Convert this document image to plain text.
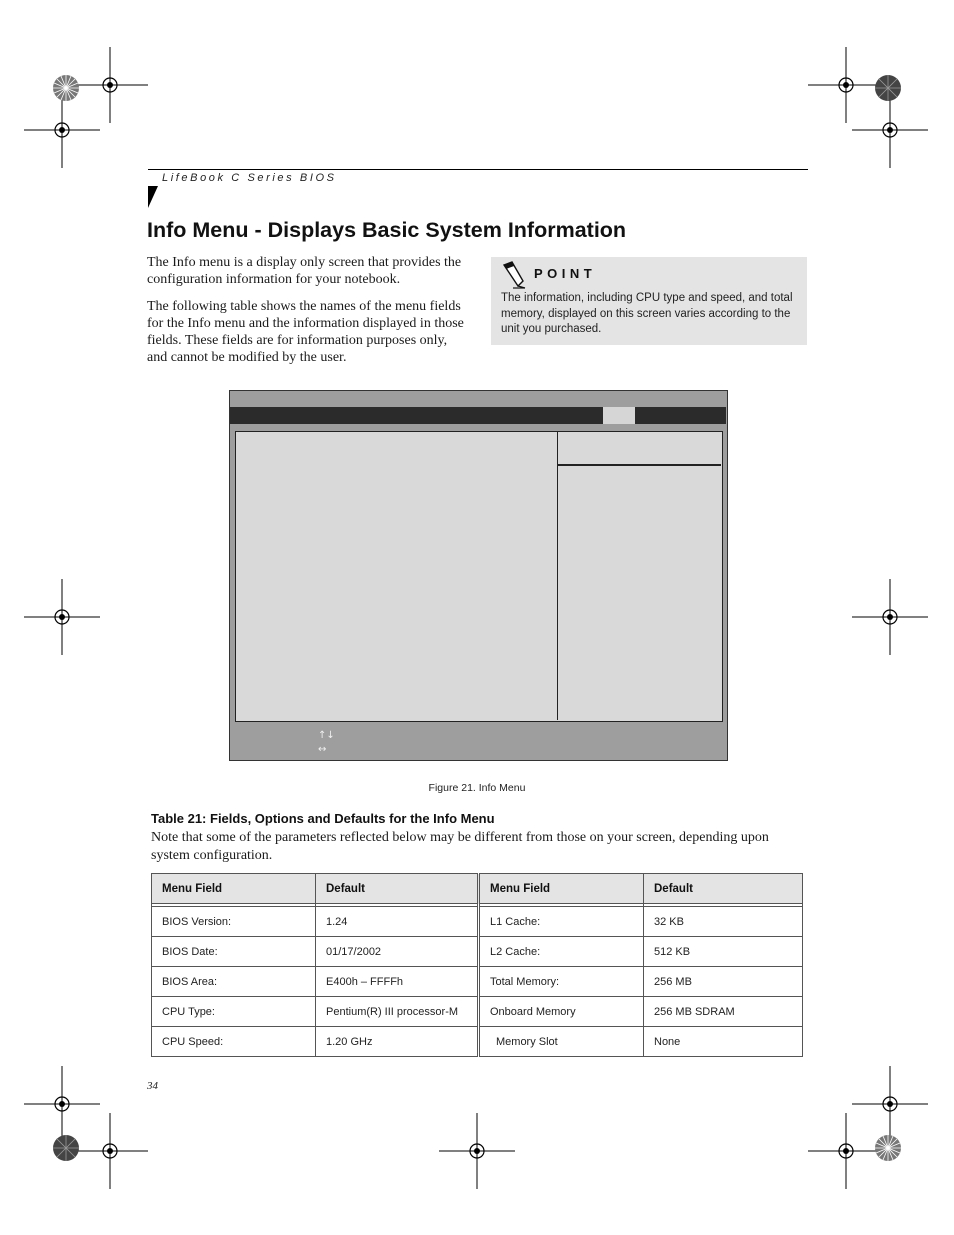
LifeBook C Series BIOS
Info Menu - Displays Basic System Information
The Info menu is a display only screen that provides the configuration information for your notebook.
The following table shows the names of the menu fields for the Info menu and the information displayed in those fields. These fields are for information purposes only, and cannot be modified by the user.
POINT
The information, including CPU type and speed, and total memory, displayed on this screen varies according to the unit you purchased.
↑↓
↔
Figure 21. Info Menu
Table 21: Fields, Options and Defaults for the Info Menu
Note that some of the parameters reflected below may be different from those on your screen, depending upon system configuration.
Menu Field	Default	Menu Field	Default

BIOS Version:	1.24	L1 Cache:	32 KB
BIOS Date:	01/17/2002	L2 Cache:	512 KB
BIOS Area:	E400h – FFFFh	Total Memory:	256 MB
CPU Type:	Pentium(R) III processor-M	Onboard Memory	256 MB SDRAM
CPU Speed:	1.20 GHz	Memory Slot	None
34
